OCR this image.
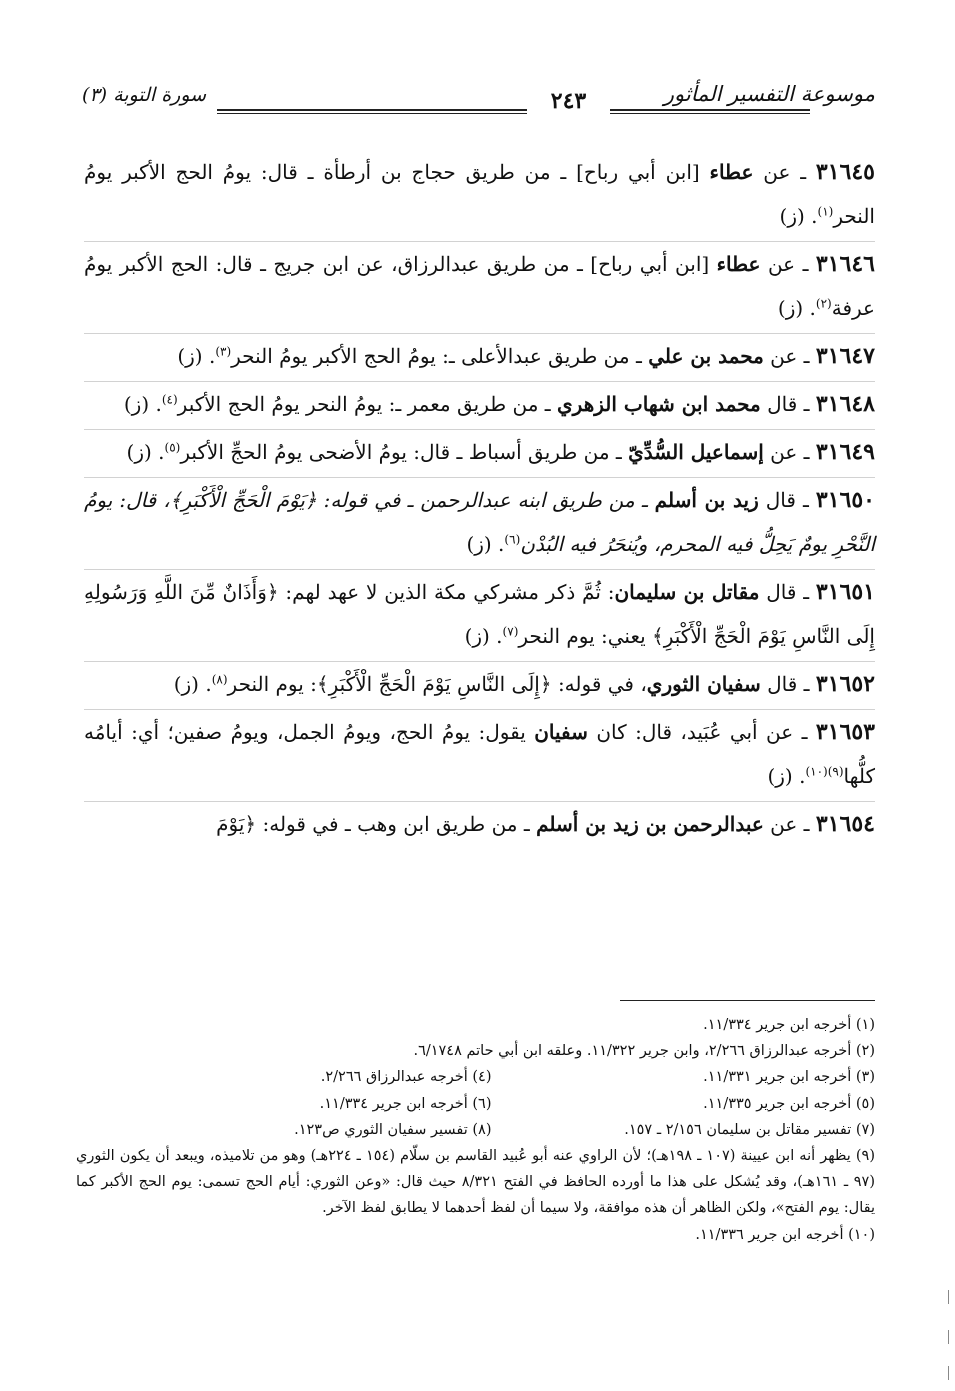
سورة التوبة (٣)	٢٤٣	موسوعة التفسير المأثور

٣١٦٤٥ ـ عن عطاء [ابن أبي رباح] ـ من طريق حجاج بن أرطأة ـ قال: يومُ الحج الأكبر يومُ النحر$^{(١)}$. (ز)

٣١٦٤٦ ـ عن عطاء [ابن أبي رباح] ـ من طريق عبدالرزاق، عن ابن جريج ـ قال: الحج الأكبر يومُ عرفة$^{(٢)}$. (ز)

٣١٦٤٧ ـ عن محمد بن علي ـ من طريق عبدالأعلى ـ: يومُ الحج الأكبر يومُ النحر$^{(٣)}$. (ز)

٣١٦٤٨ ـ قال محمد ابن شهاب الزهري ـ من طريق معمر ـ: يومُ النحر يومُ الحج الأكبر$^{(٤)}$. (ز)

٣١٦٤٩ ـ عن إسماعيل السُّدِّيّ ـ من طريق أسباط ـ قال: يومُ الأضحى يومُ الحجِّ الأكبر$^{(٥)}$. (ز)

٣١٦٥٠ ـ قال زيد بن أسلم ـ من طريق ابنه عبدالرحمن ـ في قوله: ﴿يَوْمَ الْحَجِّ الْأَكْبَرِ﴾، قال: يومُ النَّحْرِ يومٌ يَحِلُّ فيه المحرم، ويُنحَرُ فيه البُدْن$^{(٦)}$. (ز)

٣١٦٥١ ـ قال مقاتل بن سليمان: ثُمَّ ذكر مشركي مكة الذين لا عهد لهم: ﴿وَأَذَانٌ مِّنَ اللَّهِ وَرَسُولِهِ إِلَى النَّاسِ يَوْمَ الْحَجِّ الْأَكْبَرِ﴾ يعني: يوم النحر$^{(٧)}$. (ز)

٣١٦٥٢ ـ قال سفيان الثوري، في قوله: ﴿إِلَى النَّاسِ يَوْمَ الْحَجِّ الْأَكْبَرِ﴾: يوم النحر$^{(٨)}$. (ز)

٣١٦٥٣ ـ عن أبي عُبَيد، قال: كان سفيان يقول: يومُ الحج، ويومُ الجمل، ويومُ صفين؛ أي: أيامُه كلُّها$^{(٩)(١٠)}$. (ز)

٣١٦٥٤ ـ عن عبدالرحمن بن زيد بن أسلم ـ من طريق ابن وهب ـ في قوله: ﴿يَوْمَ

(١) أخرجه ابن جرير ١١/٣٣٤.

(٢) أخرجه عبدالرزاق ٢/٢٦٦، وابن جرير ١١/٣٢٢. وعلقه ابن أبي حاتم ٦/١٧٤٨.

(٣) أخرجه ابن جرير ١١/٣٣١.

(٤) أخرجه عبدالرزاق ٢/٢٦٦.

(٥) أخرجه ابن جرير ١١/٣٣٥.

(٦) أخرجه ابن جرير ١١/٣٣٤.

(٧) تفسير مقاتل بن سليمان ٢/١٥٦ ـ ١٥٧.

(٨) تفسير سفيان الثوري ص١٢٣.

(٩) يظهر أنه ابن عيينة (١٠٧ ـ ١٩٨هـ)؛ لأن الراوي عنه أبو عُبيد القاسم بن سلّام (١٥٤ ـ ٢٢٤هـ) وهو من تلاميذه، ويبعد أن يكون الثوري (٩٧ ـ ١٦١هـ)، وقد يُشكل على هذا ما أورده الحافظ في الفتح ٨/٣٢١ حيث قال: «وعن الثوري: أيام الحج تسمى: يوم الحج الأكبر كما يقال: يوم الفتح»، ولكن الظاهر أن هذه موافقة، ولا سيما أن لفظ أحدهما لا يطابق لفظ الآخر.

(١٠) أخرجه ابن جرير ١١/٣٣٦.
